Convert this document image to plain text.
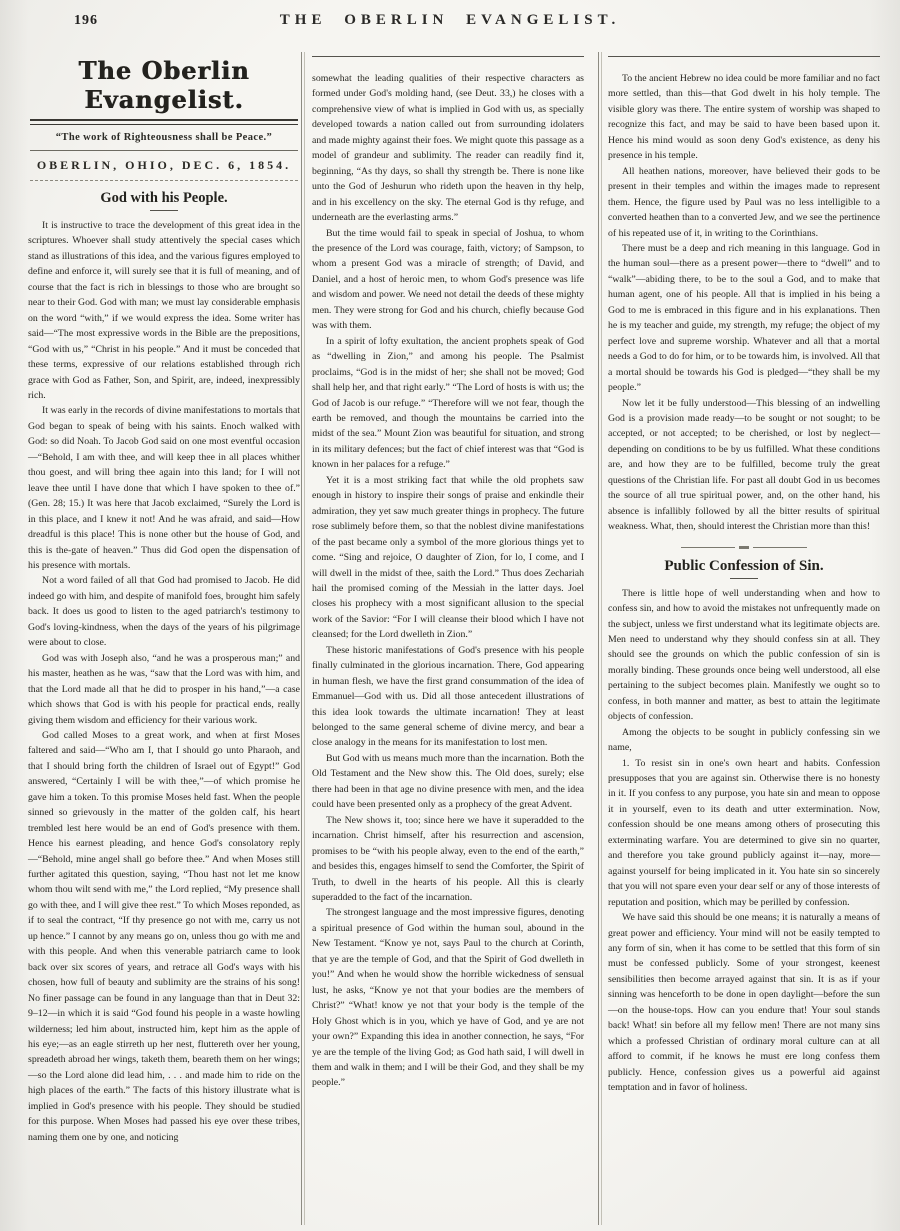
196	THE OBERLIN EVANGELIST.
The Oberlin Evangelist.
“The work of Righteousness shall be Peace.”
OBERLIN, OHIO, DEC. 6, 1854.
God with his People.

It is instructive to trace the development of this great idea in the scriptures. Whoever shall study attentively the special cases which stand as illustrations of this idea, and the various figures employed to define and enforce it, will surely see that it is full of meaning, and of course that the fact is rich in blessings to those who are brought so near to their God. God with man; we must lay considerable emphasis on the word “with,” if we would express the idea. Some writer has said—“The most expressive words in the Bible are the prepositions, “God with us,” “Christ in his people.” And it must be conceded that these terms, expressive of our relations established through rich grace with God as Father, Son, and Spirit, are, indeed, inexpressibly rich.

It was early in the records of divine manifestations to mortals that God began to speak of being with his saints. Enoch walked with God: so did Noah. To Jacob God said on one most eventful occasion—“Behold, I am with thee, and will keep thee in all places whither thou goest, and will bring thee again into this land; for I will not leave thee until I have done that which I have spoken to thee of.” (Gen. 28; 15.) It was here that Jacob exclaimed, “Surely the Lord is in this place, and I knew it not! And he was afraid, and said—How dreadful is this place! This is none other but the house of God, and this is the-gate of heaven.” Thus did God open the dispensation of his presence with mortals.

Not a word failed of all that God had promised to Jacob. He did indeed go with him, and despite of manifold foes, brought him safely back. It does us good to listen to the aged patriarch's testimony to God's loving-kindness, when the days of the years of his pilgrimage were about to close.

God was with Joseph also, “and he was a prosperous man;” and his master, heathen as he was, “saw that the Lord was with him, and that the Lord made all that he did to prosper in his hand,”—a case which shows that God is with his people for practical ends, really giving them wisdom and efficiency for their various work.

God called Moses to a great work, and when at first Moses faltered and said—“Who am I, that I should go unto Pharaoh, and that I should bring forth the children of Israel out of Egypt!” God answered, “Certainly I will be with thee,”—of which promise he gave him a token. To this promise Moses held fast. When the people sinned so grievously in the matter of the golden calf, his heart trembled lest here would be an end of God's presence with them. Hence his earnest pleading, and hence God's consolatory reply—“Behold, mine angel shall go before thee.” And when Moses still further agitated this question, saying, “Thou hast not let me know whom thou wilt send with me,” the Lord replied, “My presence shall go with thee, and I will give thee rest.” To which Moses reponded, as if to seal the contract, “If thy presence go not with me, carry us not up hence.” I cannot by any means go on, unless thou go with me and with this people. And when this venerable patriarch came to look back over six scores of years, and retrace all God's ways with his chosen, how full of beauty and sublimity are the strains of his song! No finer passage can be found in any language than that in Deut 32: 9–12—in which it is said “God found his people in a waste howling wilderness; led him about, instructed him, kept him as the apple of his eye;—as an eagle stirreth up her nest, fluttereth over her young, spreadeth abroad her wings, taketh them, beareth them on her wings;—so the Lord alone did lead him, . . . and made him to ride on the high places of the earth.” The facts of this history illustrate what is implied in God's presence with his people. They should be studied for this purpose. When Moses had passed his eye over these tribes, naming them one by one, and noticing

somewhat the leading qualities of their respective characters as formed under God's molding hand, (see Deut. 33,) he closes with a comprehensive view of what is implied in God with us, as specially developed towards a nation called out from surrounding idolaters and made mighty against their foes. We might quote this passage as a model of grandeur and sublimity. The reader can readily find it, beginning, “As thy days, so shall thy strength be. There is none like unto the God of Jeshurun who rideth upon the heaven in thy help, and in his excellency on the sky. The eternal God is thy refuge, and underneath are the everlasting arms.”

But the time would fail to speak in special of Joshua, to whom the presence of the Lord was courage, faith, victory; of Sampson, to whom a present God was a miracle of strength; of David, and Daniel, and a host of heroic men, to whom God's presence was life and wisdom and power. We need not detail the deeds of these mighty men. They were strong for God and his church, chiefly because God was with them.

In a spirit of lofty exultation, the ancient prophets speak of God as “dwelling in Zion,” and among his people. The Psalmist proclaims, “God is in the midst of her; she shall not be moved; God shall help her, and that right early.” “The Lord of hosts is with us; the God of Jacob is our refuge.” “Therefore will we not fear, though the earth be removed, and though the mountains be carried into the midst of the sea.” Mount Zion was beautiful for situation, and strong in its military defences; but the fact of chief interest was that “God is known in her palaces for a refuge.”

Yet it is a most striking fact that while the old prophets saw enough in history to inspire their songs of praise and enkindle their admiration, they yet saw much greater things in prophecy. The future rose sublimely before them, so that the noblest divine manifestations of the past became only a symbol of the more glorious things yet to come. “Sing and rejoice, O daughter of Zion, for lo, I come, and I will dwell in the midst of thee, saith the Lord.” Thus does Zechariah hail the promised coming of the Messiah in the latter days. Joel closes his prophecy with a most significant allusion to the special work of the Savior: “For I will cleanse their blood which I have not cleansed; for the Lord dwelleth in Zion.”

These historic manifestations of God's presence with his people finally culminated in the glorious incarnation. There, God appearing in human flesh, we have the first grand consummation of the idea of Emmanuel—God with us. Did all those antecedent illustrations of this idea look towards the ultimate incarnation! They at least belonged to the same general scheme of divine mercy, and bear a close analogy in the means for its manifestation to lost men.

But God with us means much more than the incarnation. Both the Old Testament and the New show this. The Old does, surely; else there had been in that age no divine presence with men, and the idea could have been presented only as a prophecy of the great Advent.

The New shows it, too; since here we have it superadded to the incarnation. Christ himself, after his resurrection and ascension, promises to be “with his people alway, even to the end of the earth,” and besides this, engages himself to send the Comforter, the Spirit of Truth, to dwell in the hearts of his people. All this is clearly superadded to the fact of the incarnation.

The strongest language and the most impressive figures, denoting a spiritual presence of God within the human soul, abound in the New Testament. “Know ye not, says Paul to the church at Corinth, that ye are the temple of God, and that the Spirit of God dwelleth in you!” And when he would show the horrible wickedness of sensual lust, he asks, “Know ye not that your bodies are the members of Christ?” “What! know ye not that your body is the temple of the Holy Ghost which is in you, which ye have of God, and ye are not your own?” Expanding this idea in another connection, he says, “For ye are the temple of the living God; as God hath said, I will dwell in them and walk in them; and I will be their God, and they shall be my people.”

To the ancient Hebrew no idea could be more familiar and no fact more settled, than this—that God dwelt in his holy temple. The visible glory was there. The entire system of worship was shaped to recognize this fact, and may be said to have been based upon it. Hence his mind would as soon deny God's existence, as deny his presence in his temple.

All heathen nations, moreover, have believed their gods to be present in their temples and within the images made to represent them. Hence, the figure used by Paul was no less intelligible to a converted heathen than to a converted Jew, and we see the pertinence of his repeated use of it, in writing to the Corinthians.

There must be a deep and rich meaning in this language. God in the human soul—there as a present power—there to “dwell” and to “walk”—abiding there, to be to the soul a God, and to make that human agent, one of his people. All that is implied in his being a God to me is embraced in this figure and in his explanations. Then he is my teacher and guide, my strength, my refuge; the object of my perfect love and supreme worship. Whatever and all that a mortal needs a God to do for him, or to be towards him, is involved. All that a mortal should be towards his God is pledged—“they shall be my people.”

Now let it be fully understood—This blessing of an indwelling God is a provision made ready—to be sought or not sought; to be accepted, or not accepted; to be cherished, or lost by neglect—depending on conditions to be by us fulfilled. What these conditions are, and how they are to be fulfilled, become truly the great questions of the Christian life. For past all doubt God in us becomes the source of all true spiritual power, and, on the other hand, his absence is infallibly followed by all the bitter results of spiritual weakness. What, then, should interest the Christian more than this!

Public Confession of Sin.

There is little hope of well understanding when and how to confess sin, and how to avoid the mistakes not unfrequently made on the subject, unless we first understand what its legitimate objects are. Men need to understand why they should confess sin at all. They should see the grounds on which the public confession of sin is morally binding. These grounds once being well understood, all else pertaining to the subject becomes plain. Manifestly we ought so to confess, in both manner and matter, as best to attain the legitimate objects of confession.

Among the objects to be sought in publicly confessing sin we name,

1. To resist sin in one's own heart and habits. Confession presupposes that you are against sin. Otherwise there is no honesty in it. If you confess to any purpose, you hate sin and mean to oppose it in yourself, even to its death and utter extermination. Now, confession should be one means among others of prosecuting this exterminating warfare. You are determined to give sin no quarter, and therefore you take ground publicly against it—nay, more—against yourself for being implicated in it. You hate sin so sincerely that you will not spare even your dear self or any of those interests of reputation and position, which may be perilled by confession.

We have said this should be one means; it is naturally a means of great power and efficiency. Your mind will not be easily tempted to any form of sin, when it has come to be settled that this form of sin must be confessed publicly. Some of your strongest, keenest sensibilities then become arrayed against that sin. It is as if your sinning was henceforth to be done in open daylight—before the sun—on the house-tops. How can you endure that! Your soul stands back! What! sin before all my fellow men! There are not many sins which a professed Christian of ordinary moral culture can at all afford to commit, if he knows he must ere long confess them publicly. Hence, confession gives us a powerful aid against temptation and in favor of holiness.
